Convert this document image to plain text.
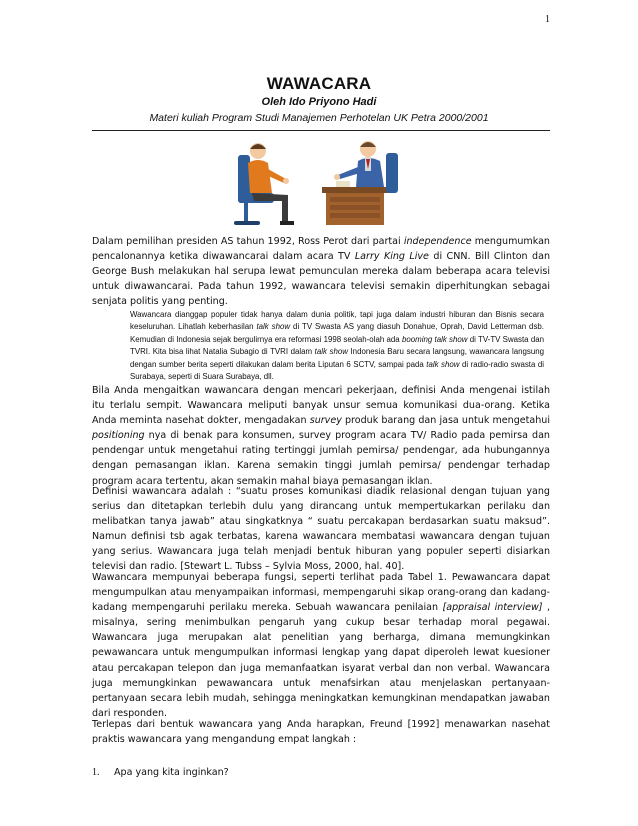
1
WAWACARA
Oleh Ido Priyono Hadi
Materi kuliah Program Studi Manajemen Perhotelan UK Petra 2000/2001

Dalam pemilihan presiden AS tahun 1992, Ross Perot dari partai independence mengumumkan pencalonannya ketika diwawancarai dalam acara TV Larry King Live di CNN. Bill Clinton dan George Bush melakukan hal serupa lewat pemunculan mereka dalam beberapa acara televisi untuk diwawancarai. Pada tahun 1992, wawancara televisi semakin diperhitungkan sebagai senjata politis yang penting.

Wawancara dianggap populer tidak hanya dalam dunia politik, tapi juga dalam industri hiburan dan Bisnis secara keseluruhan. Lihatlah keberhasilan talk show di TV Swasta AS yang diasuh Donahue, Oprah, David Letterman dsb. Kemudian di Indonesia sejak bergulirnya era reformasi 1998 seolah-olah ada booming talk show di TV-TV Swasta dan TVRI. Kita bisa lihat Natalia Subagio di TVRI dalam talk show Indonesia Baru secara langsung, wawancara langsung dengan sumber berita seperti dilakukan dalam berita Liputan 6 SCTV, sampai pada talk show di radio-radio swasta di Surabaya, seperti di Suara Surabaya, dll.

Bila Anda mengaitkan wawancara dengan mencari pekerjaan, definisi Anda mengenai istilah itu terlalu sempit. Wawancara meliputi banyak unsur semua komunikasi dua-orang. Ketika Anda meminta nasehat dokter, mengadakan survey produk barang dan jasa untuk mengetahui positioning nya di benak para konsumen, survey program acara TV/ Radio pada pemirsa dan pendengar untuk mengetahui rating tertinggi jumlah pemirsa/ pendengar, ada hubungannya dengan pemasangan iklan. Karena semakin tinggi jumlah pemirsa/ pendengar terhadap program acara tertentu, akan semakin mahal biaya pemasangan iklan.

Definisi wawancara adalah : “suatu proses komunikasi diadik relasional dengan tujuan yang serius dan ditetapkan terlebih dulu yang dirancang untuk mempertukarkan perilaku dan melibatkan tanya jawab” atau singkatknya “ suatu percakapan berdasarkan suatu maksud”. Namun definisi tsb agak terbatas, karena wawancara membatasi wawancara dengan tujuan yang serius. Wawancara juga telah menjadi bentuk hiburan yang populer seperti disiarkan televisi dan radio. [Stewart L. Tubss – Sylvia Moss, 2000, hal. 40].

Wawancara mempunyai beberapa fungsi, seperti terlihat pada Tabel 1. Pewawancara dapat mengumpulkan atau menyampaikan informasi, mempengaruhi sikap orang-orang dan kadang-kadang mempengaruhi perilaku mereka. Sebuah wawancara penilaian [appraisal interview] , misalnya, sering menimbulkan pengaruh yang cukup besar terhadap moral pegawai. Wawancara juga merupakan alat penelitian yang berharga, dimana memungkinkan pewawancara untuk mengumpulkan informasi lengkap yang dapat diperoleh lewat kuesioner atau percakapan telepon dan juga memanfaatkan isyarat verbal dan non verbal. Wawancara juga memungkinkan pewawancara untuk menafsirkan atau menjelaskan pertanyaan-pertanyaan secara lebih mudah, sehingga meningkatkan kemungkinan mendapatkan jawaban dari responden.

Terlepas dari bentuk wawancara yang Anda harapkan, Freund [1992] menawarkan nasehat praktis wawancara yang mengandung empat langkah :

1. Apa yang kita inginkan?
